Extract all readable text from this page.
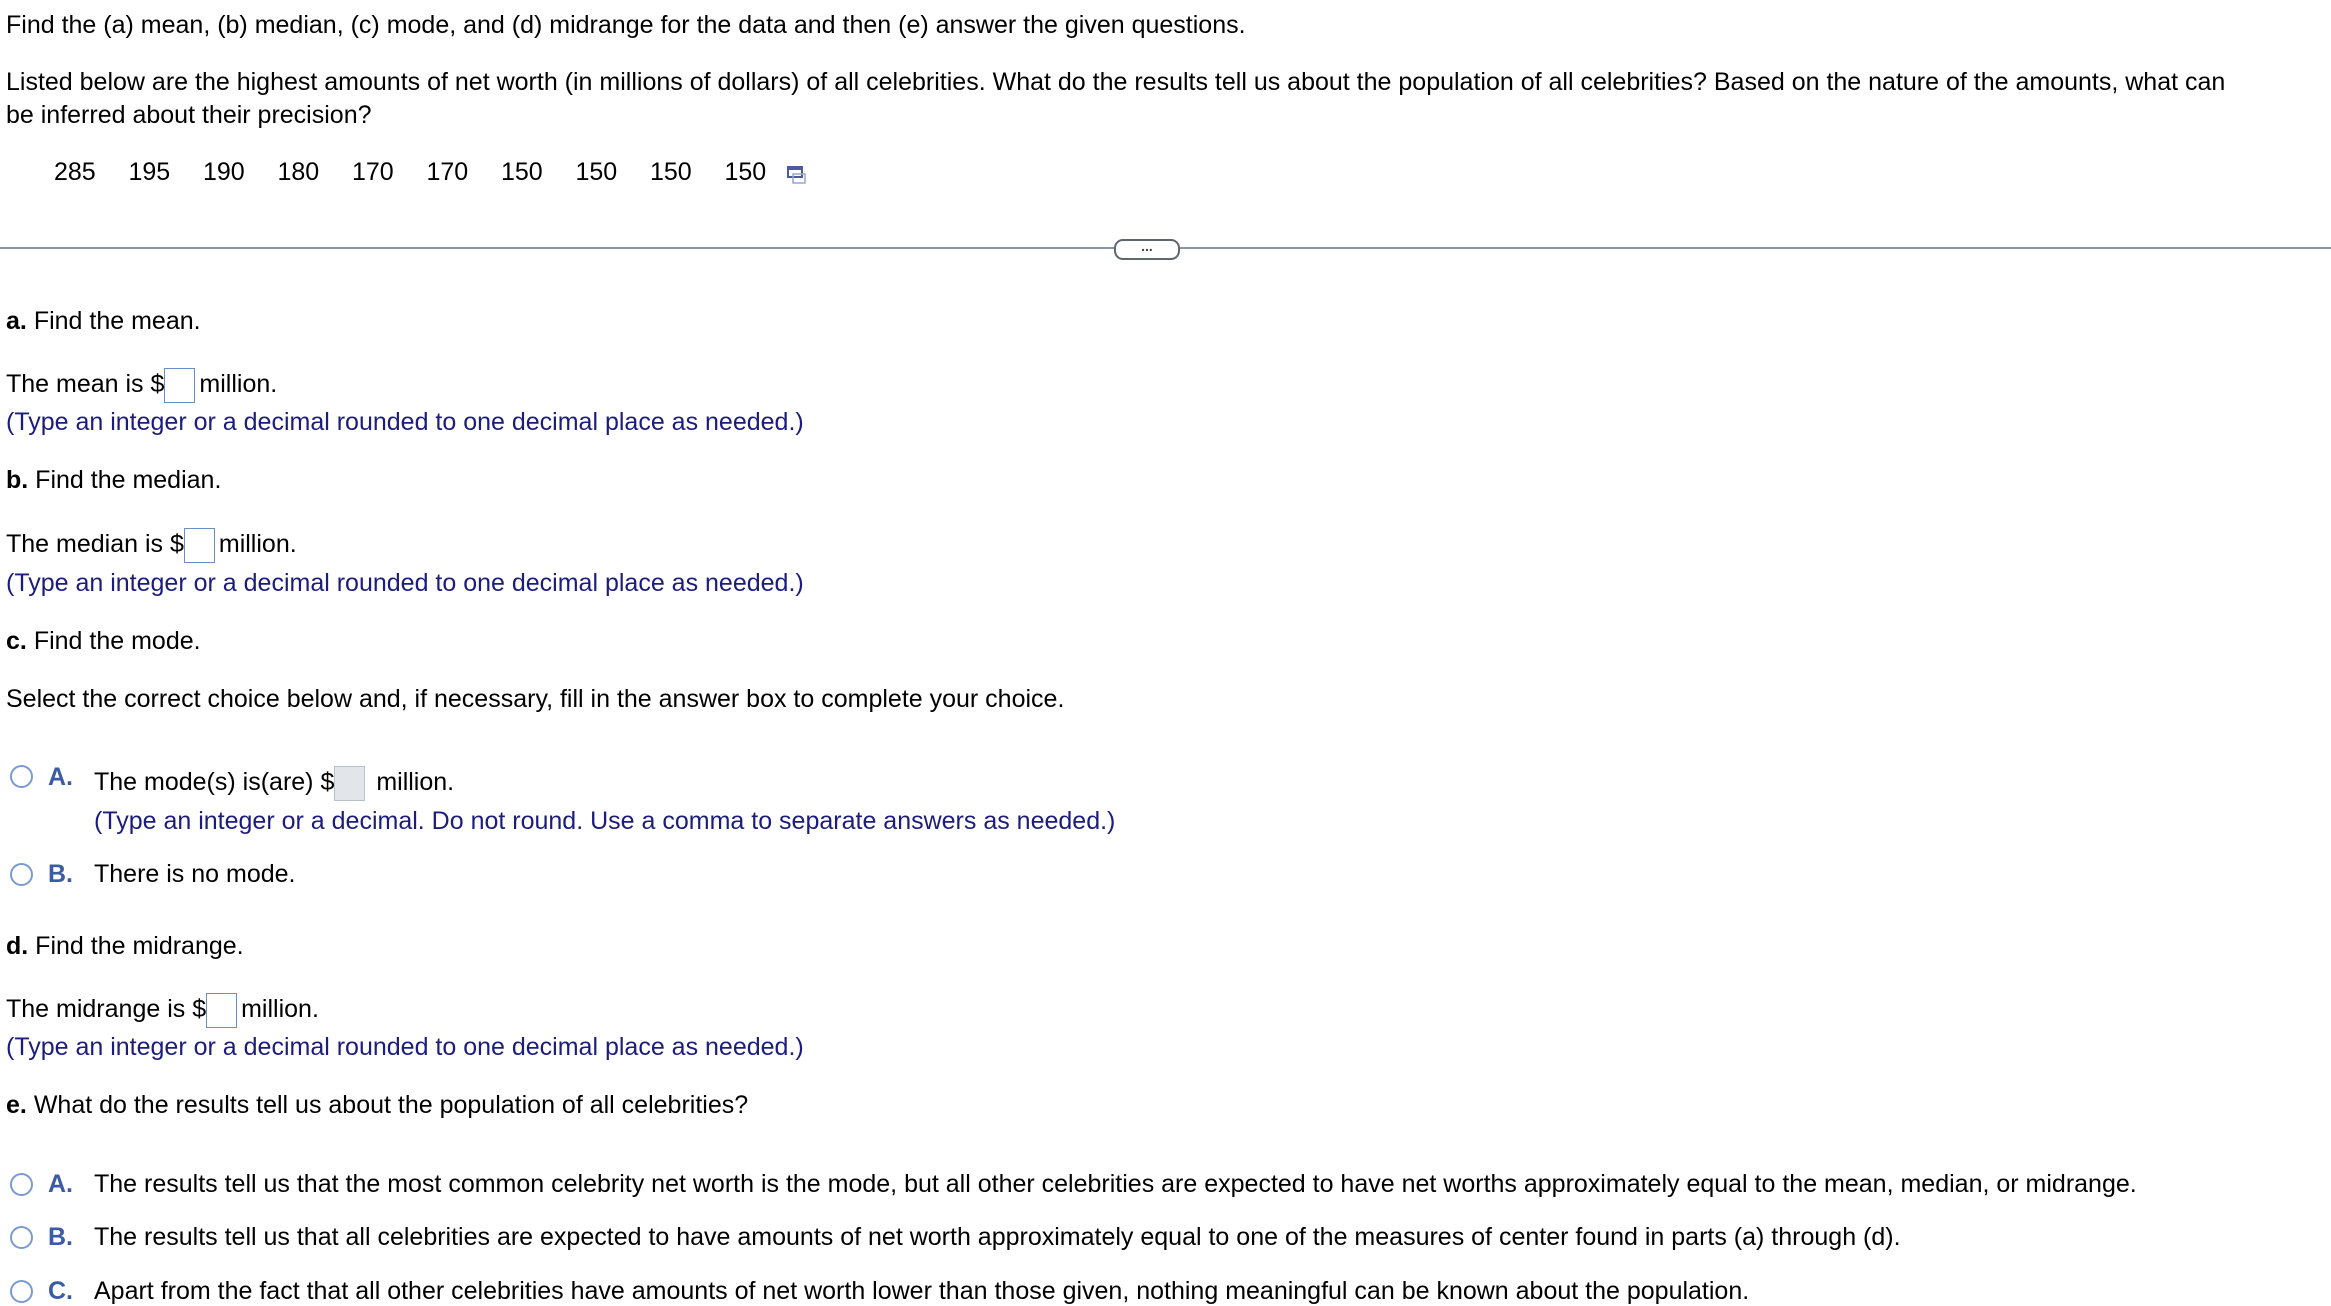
Find the (a) mean, (b) median, (c) mode, and (d) midrange for the data and then (e) answer the given questions.
Listed below are the highest amounts of net worth (in millions of dollars) of all celebrities. What do the results tell us about the population of all celebrities? Based on the nature of the amounts, what can
be inferred about their precision?
285	195	190	180	170	170	150	150	150	150
...
a. Find the mean.
The mean is $ million.
(Type an integer or a decimal rounded to one decimal place as needed.)
b. Find the median.
The median is $ million.
(Type an integer or a decimal rounded to one decimal place as needed.)
c. Find the mode.
Select the correct choice below and, if necessary, fill in the answer box to complete your choice.
A. The mode(s) is(are) $ million.
(Type an integer or a decimal. Do not round. Use a comma to separate answers as needed.)
B. There is no mode.
d. Find the midrange.
The midrange is $ million.
(Type an integer or a decimal rounded to one decimal place as needed.)
e. What do the results tell us about the population of all celebrities?
A. The results tell us that the most common celebrity net worth is the mode, but all other celebrities are expected to have net worths approximately equal to the mean, median, or midrange.
B. The results tell us that all celebrities are expected to have amounts of net worth approximately equal to one of the measures of center found in parts (a) through (d).
C. Apart from the fact that all other celebrities have amounts of net worth lower than those given, nothing meaningful can be known about the population.
